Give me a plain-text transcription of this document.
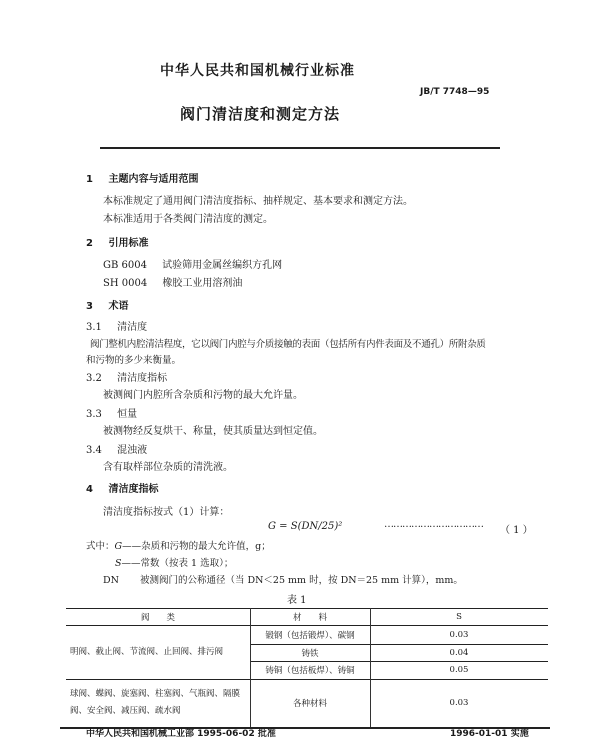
中华人民共和国机械行业标准
JB/T 7748—95
阀门清洁度和测定方法
1 主题内容与适用范围
本标准规定了通用阀门清洁度指标、抽样规定、基本要求和测定方法。
本标准适用于各类阀门清洁度的测定。
2 引用标准
GB 6004 试验筛用金属丝编织方孔网
SH 0004 橡胶工业用溶剂油
3 术语
3.1 清洁度
阀门整机内腔清洁程度，它以阀门内腔与介质接触的表面（包括所有内件表面及不通孔）所附杂质
和污物的多少来衡量。
3.2 清洁度指标
被测阀门内腔所含杂质和污物的最大允许量。
3.3 恒量
被测物经反复烘干、称量，使其质量达到恒定值。
3.4 混浊液
含有取样部位杂质的清洗液。
4 清洁度指标
清洁度指标按式（1）计算：
G = S(DN/25)²	……………………………
（ 1 ）
式中：G——杂质和污物的最大允许值，g；
S——常数（按表 1 选取）；
DN 被测阀门的公称通径（当 DN＜25 mm 时，按 DN＝25 mm 计算），mm。
表 1
阀　　类	材　　料	S
明阀、截止阀、节流阀、止回阀、排污阀
锻钢（包括锻焊）、碳钢	0.03
铸铁	0.04
铸铜（包括板焊）、铸铜	0.05
球阀、蝶阀、旋塞阀、柱塞阀、气瓶阀、隔膜阀、安全阀、减压阀、疏水阀
各种材料	0.03
中华人民共和国机械工业部 1995-06-02 批准	1996-01-01 实施
